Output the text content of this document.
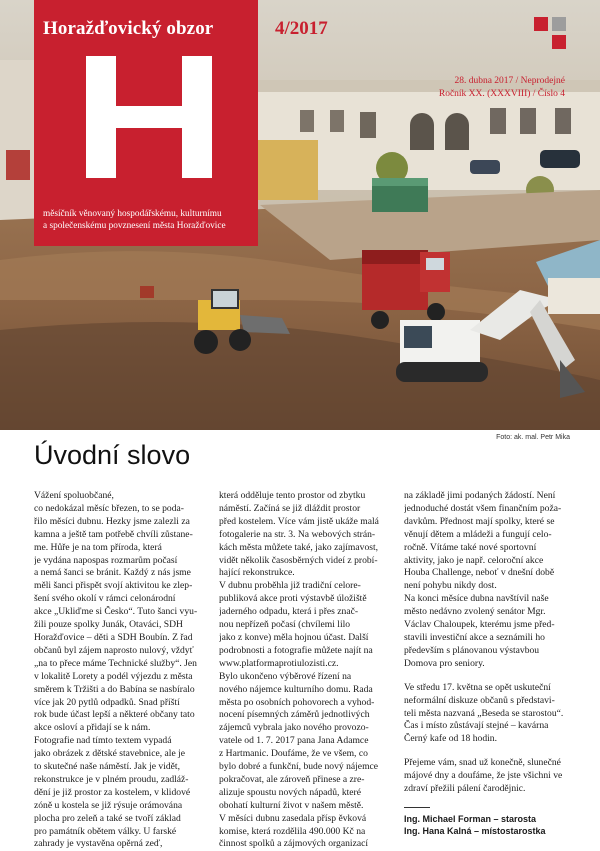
Horažďovický obzor
měsíčník věnovaný hospodářskému, kulturnímu
a společenskému povznesení města Horažďovice
4/2017
28. dubna 2017 / Neprodejné
Ročník XX. (XXXVIII) / Číslo 4
Foto: ak. mal. Petr Mika
Úvodní slovo
Vážení spoluobčané,
co nedokázal měsíc březen, to se poda-
řilo měsíci dubnu. Hezky jsme zalezli za
kamna a ještě tam potřebě chvíli zůstane-
me. Hůře je na tom příroda, která
je vydána napospas rozmarům počasí
a nemá šanci se bránit. Každý z nás jsme
měli šanci přispět svojí aktivitou ke zlep-
šení svého okolí v rámci celonárodní
akce „Ukliďme si Česko“. Tuto šanci vyu-
žili pouze spolky Junák, Otaváci, SDH
Horažďovice – děti a SDH Boubín. Z řad
občanů byl zájem naprosto nulový, vždyť
„na to přece máme Technické služby“. Jen
v lokalitě Lorety a podél výjezdu z města
směrem k Tržišti a do Babína se nasbíralo
více jak 20 pytlů odpadků. Snad příští
rok bude účast lepší a některé občany tato
akce osloví a přidají se k nám.
Fotografie nad tímto textem vypadá
jako obrázek z dětské stavebnice, ale je
to skutečné naše náměstí. Jak je vidět,
rekonstrukce je v plném proudu, zadláž-
dění je již prostor za kostelem, v klidové
zóně u kostela se již rýsuje orámována
plocha pro zeleň a také se tvoří základ
pro památník obětem války. U farské
zahrady je vystavěna opěrná zeď,
která odděluje tento prostor od zbytku
náměstí. Začíná se již dláždit prostor
před kostelem. Více vám jistě ukáže malá
fotogalerie na str. 3. Na webových strán-
kách města můžete také, jako zajímavost,
vidět několik časosběrných videí z probí-
hající rekonstrukce.
V dubnu proběhla již tradiční celore-
publiková akce proti výstavbě úložiště
jaderného odpadu, která i přes znač-
nou nepřízeň počasí (chvílemi lilo
jako z konve) měla hojnou účast. Další
podrobnosti a fotografie můžete najít na
www.platformaprotiulozisti.cz.
Bylo ukončeno výběrové řízení na
nového nájemce kulturního domu. Rada
města po osobních pohovorech a vyhod-
nocení písemných záměrů jednotlivých
zájemců vybrala jako nového provozo-
vatele od 1. 7. 2017 pana Jana Adamce
z Hartmanic. Doufáme, že ve všem, co
bylo dobré a funkční, bude nový nájemce
pokračovat, ale zároveň přinese a zre-
alizuje spoustu nových nápadů, které
obohatí kulturní život v našem městě.
V měsíci dubnu zasedala přísp ěvková
komise, která rozdělila 490.000 Kč na
činnost spolků a zájmových organizací
na základě jimi podaných žádostí. Není
jednoduché dostát všem finančním poža-
davkům. Přednost mají spolky, které se
věnují dětem a mládeži a fungují celo-
ročně. Vítáme také nové sportovní
aktivity, jako je např. celoroční akce
Houba Challenge, neboť v dnešní době
není pohybu nikdy dost.
Na konci měsíce dubna navštívil naše
město nedávno zvolený senátor Mgr.
Václav Chaloupek, kterému jsme před-
stavili investiční akce a seznámili ho
především s plánovanou výstavbou
Domova pro seniory.
Ve středu 17. května se opět uskuteční
neformální diskuze občanů s představi-
teli města nazvaná „Beseda se starostou“.
Čas i místo zůstávají stejné – kavárna
Černý kafe od 18 hodin.
Přejeme vám, snad už konečně, slunečné
májové dny a doufáme, že jste všichni ve
zdraví přežili pálení čarodějnic.
Ing. Michael Forman – starosta
Ing. Hana Kalná – místostarostka
